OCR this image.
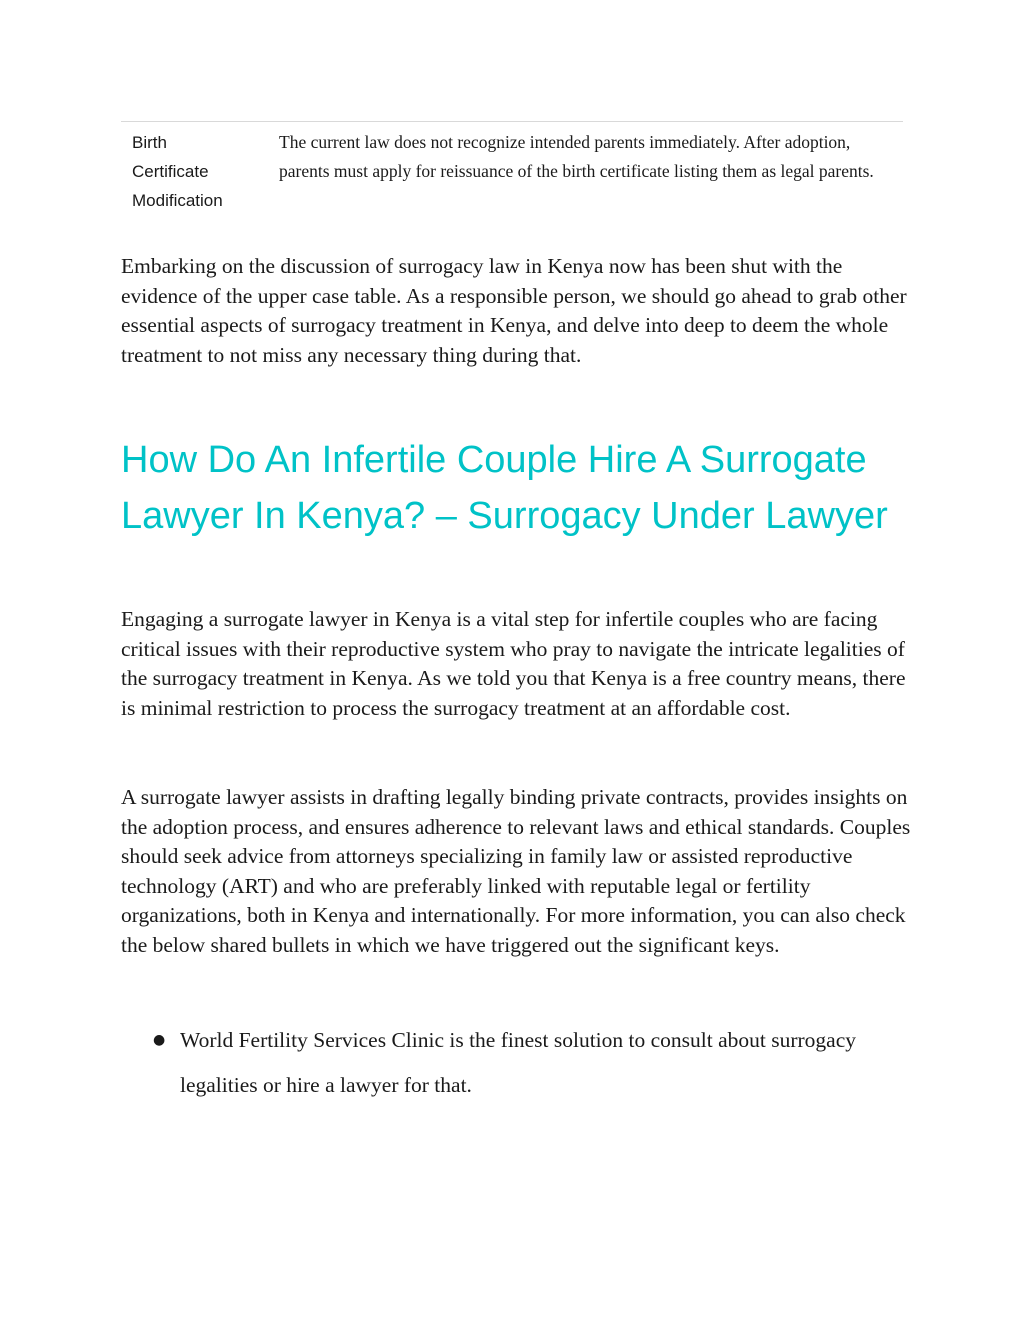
Birth
Certificate
Modification
The current law does not recognize intended parents immediately. After adoption, parents must apply for reissuance of the birth certificate listing them as legal parents.

Embarking on the discussion of surrogacy law in Kenya now has been shut with the evidence of the upper case table. As a responsible person, we should go ahead to grab other essential aspects of surrogacy treatment in Kenya, and delve into deep to deem the whole treatment to not miss any necessary thing during that.

How Do An Infertile Couple Hire A Surrogate Lawyer In Kenya? – Surrogacy Under Lawyer

Engaging a surrogate lawyer in Kenya is a vital step for infertile couples who are facing critical issues with their reproductive system who pray to navigate the intricate legalities of the surrogacy treatment in Kenya. As we told you that Kenya is a free country means, there is minimal restriction to process the surrogacy treatment at an affordable cost.

A surrogate lawyer assists in drafting legally binding private contracts, provides insights on the adoption process, and ensures adherence to relevant laws and ethical standards. Couples should seek advice from attorneys specializing in family law or assisted reproductive technology (ART) and who are preferably linked with reputable legal or fertility organizations, both in Kenya and internationally. For more information, you can also check the below shared bullets in which we have triggered out the significant keys.

● World Fertility Services Clinic is the finest solution to consult about surrogacy legalities or hire a lawyer for that.
